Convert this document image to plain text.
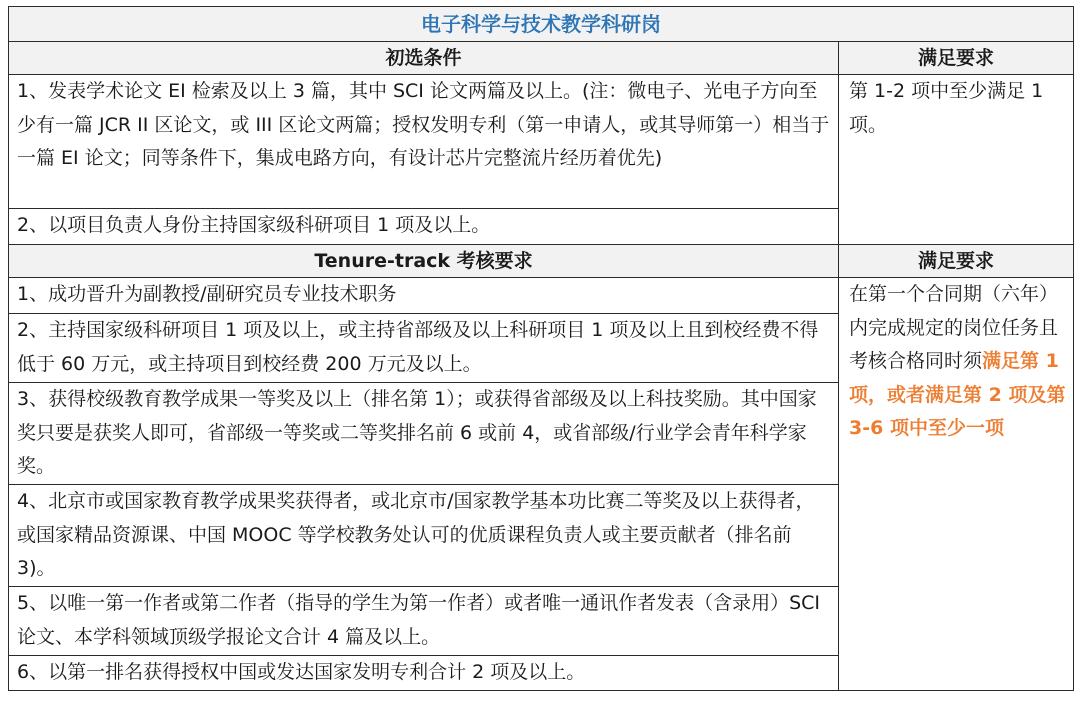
电子科学与技术教学科研岗	
初选条件	满足要求
1、发表学术论文 EI 检索及以上 3 篇，其中 SCI 论文两篇及以上。(注：微电子、光电子方向至少有一篇 JCR II 区论文，或 III 区论文两篇；授权发明专利（第一申请人，或其导师第一）相当于一篇 EI 论文；同等条件下，集成电路方向，有设计芯片完整流片经历着优先)	第 1-2 项中至少满足 1 项。
2、以项目负责人身份主持国家级科研项目 1 项及以上。	
Tenure-track 考核要求	满足要求
1、成功晋升为副教授/副研究员专业技术职务	在第一个合同期（六年）内完成规定的岗位任务且考核合格同时须满足第 1 项，或者满足第 2 项及第 3-6 项中至少一项
2、主持国家级科研项目 1 项及以上，或主持省部级及以上科研项目 1 项及以上且到校经费不得低于 60 万元，或主持项目到校经费 200 万元及以上。	
3、获得校级教育教学成果一等奖及以上（排名第 1）；或获得省部级及以上科技奖励。其中国家奖只要是获奖人即可，省部级一等奖或二等奖排名前 6 或前 4，或省部级/行业学会青年科学家奖。	
4、北京市或国家教育教学成果奖获得者，或北京市/国家教学基本功比赛二等奖及以上获得者，或国家精品资源课、中国 MOOC 等学校教务处认可的优质课程负责人或主要贡献者（排名前 3)。	
5、以唯一第一作者或第二作者（指导的学生为第一作者）或者唯一通讯作者发表（含录用）SCI 论文、本学科领域顶级学报论文合计 4 篇及以上。	
6、以第一排名获得授权中国或发达国家发明专利合计 2 项及以上。	
